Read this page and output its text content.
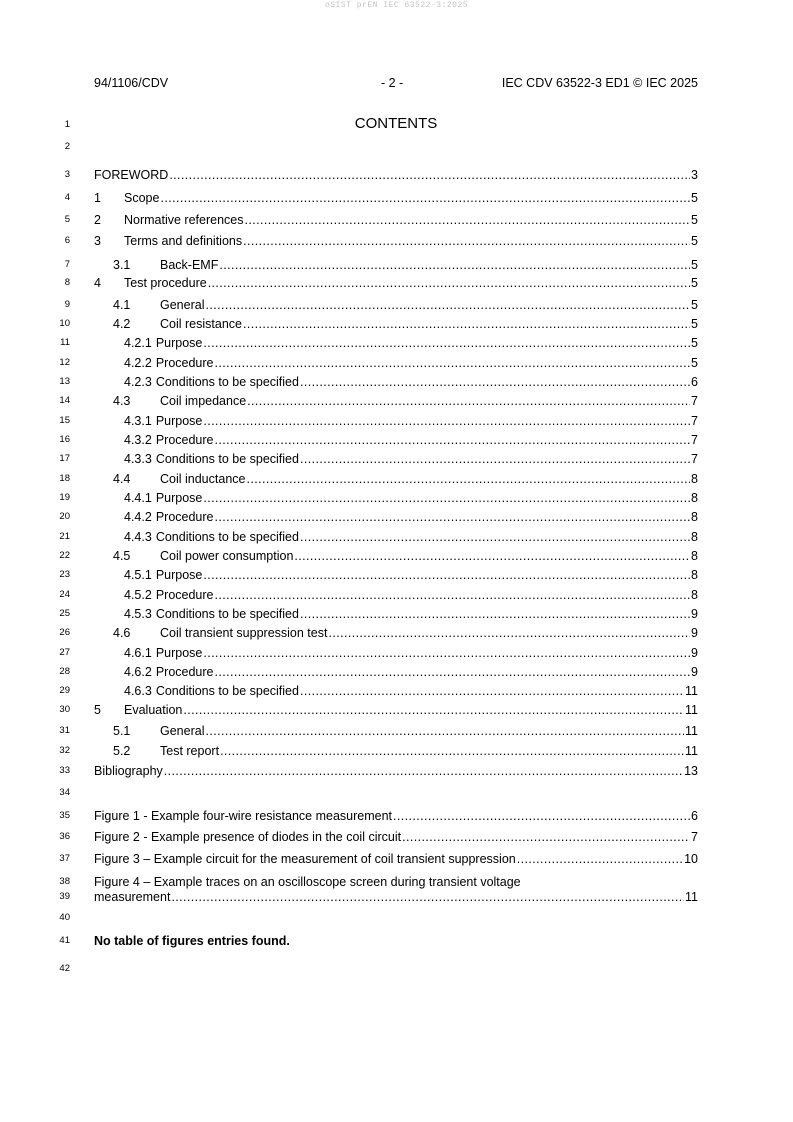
oSIST prEN IEC 63522-3:2025
94/1106/CDV	- 2 -	IEC CDV 63522-3 ED1 © IEC 2025
1
2
3
4
5
6
7
8
9
10
11
12
13
14
15
16
17
18
19
20
21
22
23
24
25
26
27
28
29
30
31
32
33
34
35
36
37
38
39
40
41
42
CONTENTS
FOREWORD .....	3
1	Scope .....	5
2	Normative references .....	5
3	Terms and definitions .....	5
3.1	Back-EMF .....	5
4	Test procedure .....	5
4.1	General .....	5
4.2	Coil resistance .....	5
4.2.1 Purpose .....	5
4.2.2 Procedure .....	5
4.2.3 Conditions to be specified .....	6
4.3	Coil impedance .....	7
4.3.1 Purpose .....	7
4.3.2 Procedure .....	7
4.3.3 Conditions to be specified .....	7
4.4	Coil inductance .....	8
4.4.1 Purpose .....	8
4.4.2 Procedure .....	8
4.4.3 Conditions to be specified .....	8
4.5	Coil power consumption .....	8
4.5.1 Purpose .....	8
4.5.2 Procedure .....	8
4.5.3 Conditions to be specified .....	9
4.6	Coil transient suppression test .....	9
4.6.1 Purpose .....	9
4.6.2 Procedure .....	9
4.6.3 Conditions to be specified .....	11
5	Evaluation .....	11
5.1	General .....	11
5.2	Test report .....	11
Bibliography .....	13
Figure 1 - Example four-wire resistance measurement .....	6
Figure 2 - Example presence of diodes in the coil circuit .....	7
Figure 3 – Example circuit for the measurement of coil transient suppression .....	10
Figure 4 – Example traces on an oscilloscope screen during transient voltage
measurement .....	11
No table of figures entries found.
